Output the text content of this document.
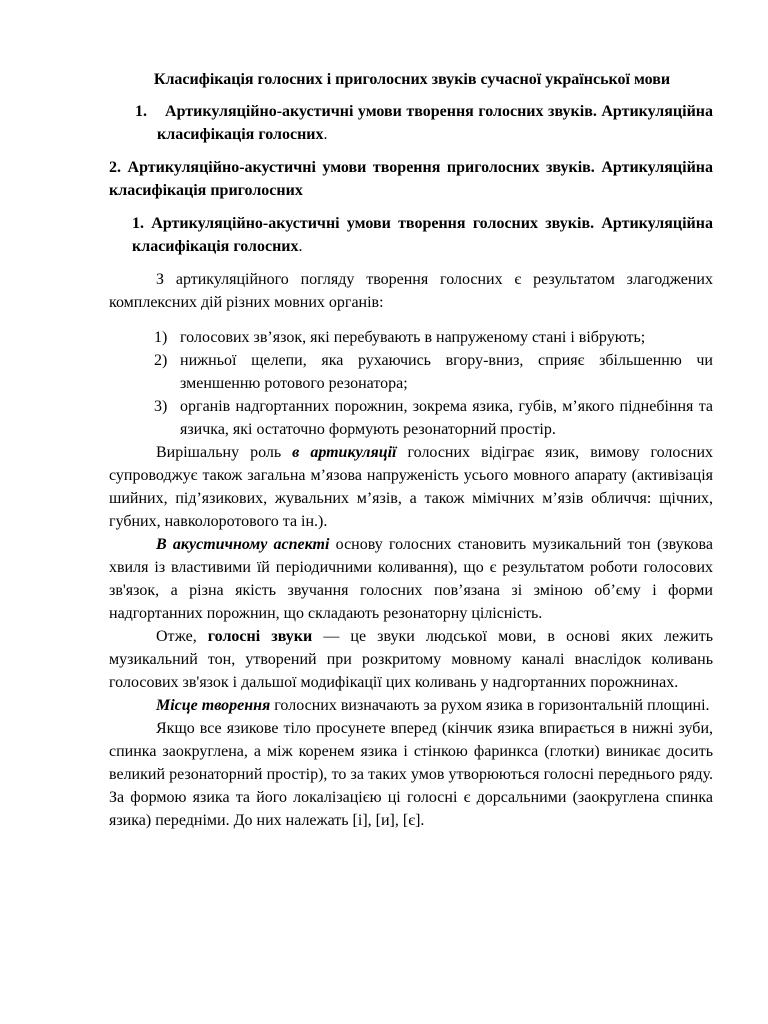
Класифікація голосних і приголосних звуків сучасної української мови
1. Артикуляційно-акустичні умови творення голосних звуків. Артикуляційна класифікація голосних.
2. Артикуляційно-акустичні умови творення приголосних звуків. Артикуляційна класифікація приголосних
1. Артикуляційно-акустичні умови творення голосних звуків. Артикуляційна класифікація голосних.

З артикуляційного погляду творення голосних є результатом злагоджених комплексних дій різних мовних органів:

1) голосових зв’язок, які перебувають в напруженому стані і вібрують;
2) нижньої щелепи, яка рухаючись вгору-вниз, сприяє збільшенню чи зменшенню ротового резонатора;
3) органів надгортанних порожнин, зокрема язика, губів, м’якого піднебіння та язичка, які остаточно формують резонаторний простір.

Вирішальну роль в артикуляції голосних відіграє язик, вимову голосних супроводжує також загальна м’язова напруженість усього мовного апарату (активізація шийних, під’язикових, жувальних м’язів, а також мімічних м’язів обличчя: щічних, губних, навколоротового та ін.).

В акустичному аспекті основу голосних становить музикальний тон (звукова хвиля із властивими їй періодичними коливання), що є результатом роботи голосових зв'язок, а різна якість звучання голосних пов’язана зі зміною об’єму і форми надгортанних порожнин, що складають резонаторну цілісність.

Отже, голосні звуки — це звуки людської мови, в основі яких лежить музикальний тон, утворений при розкритому мовному каналі внаслідок коливань голосових зв'язок і дальшої модифікації цих коливань у надгортанних порожнинах.

Місце творення голосних визначають за рухом язика в горизонтальній площині.

Якщо все язикове тіло просунете вперед (кінчик язика впирається в нижні зуби, спинка заокруглена, а між коренем язика і стінкою фаринкса (глотки) виникає досить великий резонаторний простір), то за таких умов утворюються голосні переднього ряду. За формою язика та його локалізацією ці голосні є дорсальними (заокруглена спинка язика) передніми. До них належать [і], [и], [є].
